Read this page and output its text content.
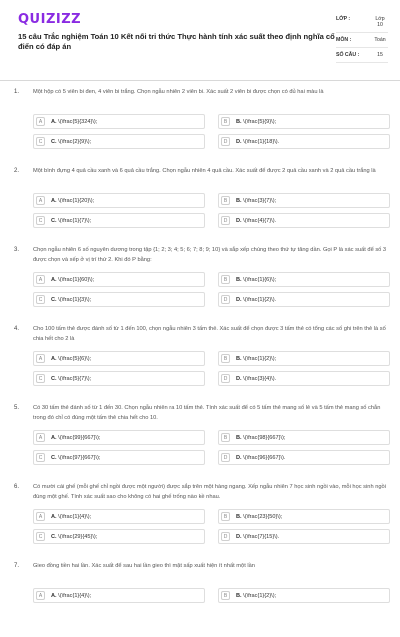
QUIZIZZ
15 câu Trắc nghiệm Toán 10 Kết nối tri thức Thực hành tính xác suất theo định nghĩa cổ điển có đáp án
LỚP :	Lớp 10
MÔN :	Toán
SỐ CÂU :	15
1. Một hộp có 5 viên bi đen, 4 viên bi trắng. Chọn ngẫu nhiên 2 viên bi. Xác suất 2 viên bi được chọn có đủ hai màu là
A	A. \(\frac{5}{324}\);	B	B. \(\frac{5}{9}\);
C	C. \(\frac{2}{9}\);	D	D. \(\frac{1}{18}\).
2. Một bình đựng 4 quả cầu xanh và 6 quả cầu trắng. Chọn ngẫu nhiên 4 quả cầu. Xác suất để được 2 quả cầu xanh và 2 quả cầu trắng là
A	A. \(\frac{1}{20}\);	B	B. \(\frac{3}{7}\);
C	C. \(\frac{1}{7}\);	D	D. \(\frac{4}{7}\).
3. Chọn ngẫu nhiên 6 số nguyên dương trong tập {1; 2; 3; 4; 5; 6; 7; 8; 9; 10} và sắp xếp chúng theo thứ tự tăng dần. Gọi P là xác suất để số 3 được chọn và xếp ở vị trí thứ 2. Khi đó P bằng:
A	A. \(\frac{1}{60}\);	B	B. \(\frac{1}{6}\);
C	C. \(\frac{1}{3}\);	D	D. \(\frac{1}{2}\).
4. Cho 100 tấm thẻ được đánh số từ 1 đến 100, chọn ngẫu nhiên 3 tấm thẻ. Xác suất để chọn được 3 tấm thẻ có tổng các số ghi trên thẻ là số chia hết cho 2 là
A	A. \(\frac{5}{6}\);	B	B. \(\frac{1}{2}\);
C	C. \(\frac{5}{7}\);	D	D. \(\frac{3}{4}\).
5. Có 30 tấm thẻ đánh số từ 1 đến 30. Chọn ngẫu nhiên ra 10 tấm thẻ. Tính xác suất để có 5 tấm thẻ mang số lẻ và 5 tấm thẻ mang số chẵn trong đó chỉ có đúng một tấm thẻ chia hết cho 10.
A	A. \(\frac{99}{667}\);	B	B. \(\frac{98}{667}\);
C	C. \(\frac{97}{667}\);	D	D. \(\frac{96}{667}\).
6. Có mười cái ghế (mỗi ghế chỉ ngồi được một người) được sắp trên một hàng ngang. Xếp ngẫu nhiên 7 học sinh ngồi vào, mỗi học sinh ngồi đúng một ghế. Tính xác suất sao cho không có hai ghế trống nào kề nhau.
A	A. \(\frac{1}{4}\);	B	B. \(\frac{23}{50}\);
C	C. \(\frac{29}{45}\);	D	D. \(\frac{7}{15}\).
7. Gieo đồng tiền hai lần. Xác suất để sau hai lần gieo thì mặt sấp xuất hiện ít nhất một lần
A	A. \(\frac{1}{4}\);	B	B. \(\frac{1}{2}\);
